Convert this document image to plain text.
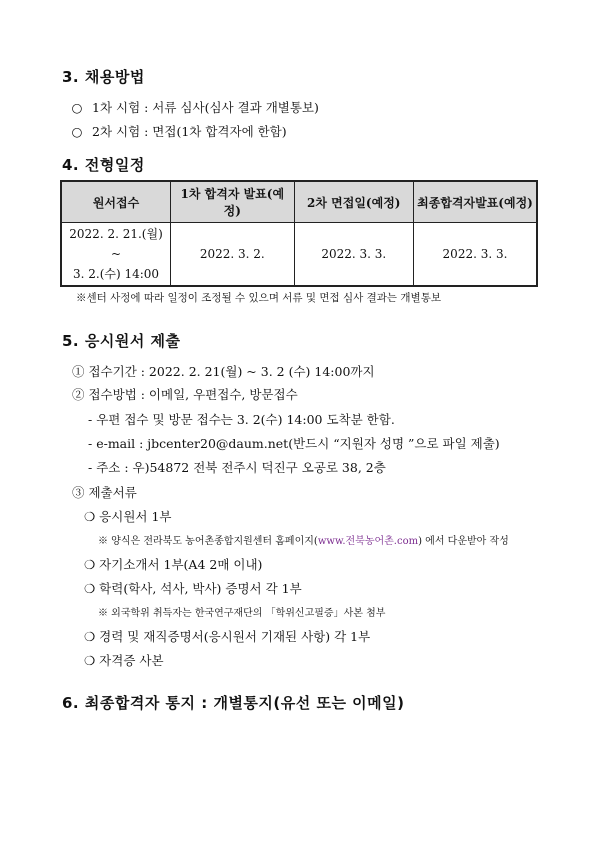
3. 채용방법
○ 1차 시험 : 서류 심사(심사 결과 개별통보)
○ 2차 시험 : 면접(1차 합격자에 한함)
4. 전형일정
원서접수	1차 합격자 발표(예정)	2차 면접일(예정)	최종합격자발표(예정)

2022. 2. 21.(월) ~
3. 2.(수) 14:00	2022. 3. 2.	2022. 3. 3.	2022. 3. 3.
※센터 사정에 따라 일정이 조정될 수 있으며 서류 및 면접 심사 결과는 개별통보
5. 응시원서 제출
① 접수기간 : 2022. 2. 21(월) ~ 3. 2 (수) 14:00까지
② 접수방법 : 이메일, 우편접수, 방문접수
- 우편 접수 및 방문 접수는 3. 2(수) 14:00 도착분 한함.
- e-mail : jbcenter20@daum.net(반드시 “지원자 성명 ”으로 파일 제출)
- 주소 : 우)54872 전북 전주시 덕진구 오공로 38, 2층
③ 제출서류
❍ 응시원서 1부
※ 양식은 전라북도 농어촌종합지원센터 홈페이지(www.전북농어촌.com) 에서 다운받아 작성
❍ 자기소개서 1부(A4 2매 이내)
❍ 학력(학사, 석사, 박사) 증명서 각 1부
※ 외국학위 취득자는 한국연구재단의 「학위신고필증」사본 첨부
❍ 경력 및 재직증명서(응시원서 기재된 사항) 각 1부
❍ 자격증 사본
6. 최종합격자 통지 : 개별통지(유선 또는 이메일)
